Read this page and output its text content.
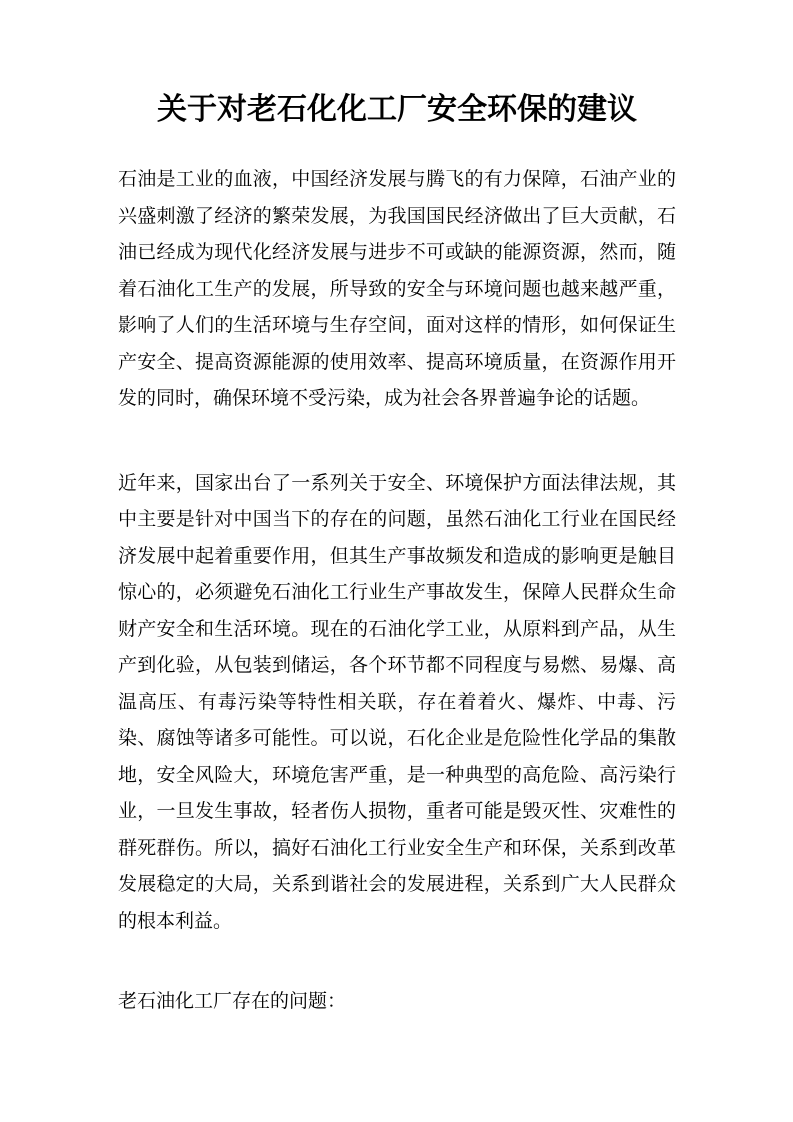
关于对老石化化工厂安全环保的建议
石油是工业的血液，中国经济发展与腾飞的有力保障，石油产业的
兴盛刺激了经济的繁荣发展，为我国国民经济做出了巨大贡献，石
油已经成为现代化经济发展与进步不可或缺的能源资源，然而，随
着石油化工生产的发展，所导致的安全与环境问题也越来越严重，
影响了人们的生活环境与生存空间，面对这样的情形，如何保证生
产安全、提高资源能源的使用效率、提高环境质量，在资源作用开
发的同时，确保环境不受污染，成为社会各界普遍争论的话题。
近年来，国家出台了一系列关于安全、环境保护方面法律法规，其
中主要是针对中国当下的存在的问题，虽然石油化工行业在国民经
济发展中起着重要作用，但其生产事故频发和造成的影响更是触目
惊心的，必须避免石油化工行业生产事故发生，保障人民群众生命
财产安全和生活环境。现在的石油化学工业，从原料到产品，从生
产到化验，从包装到储运，各个环节都不同程度与易燃、易爆、高
温高压、有毒污染等特性相关联，存在着着火、爆炸、中毒、污
染、腐蚀等诸多可能性。可以说，石化企业是危险性化学品的集散
地，安全风险大，环境危害严重，是一种典型的高危险、高污染行
业，一旦发生事故，轻者伤人损物，重者可能是毁灭性、灾难性的
群死群伤。所以，搞好石油化工行业安全生产和环保，关系到改革
发展稳定的大局，关系到谐社会的发展进程，关系到广大人民群众
的根本利益。
老石油化工厂存在的问题：
